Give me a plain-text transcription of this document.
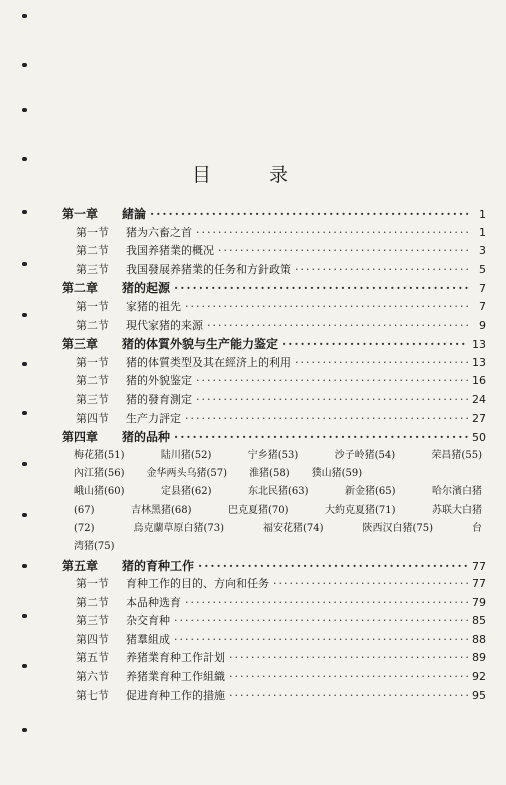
目 录
第一章 緒論 ·····	1
第一节 猪为六畜之首 ·····	1
第二节 我国养猪業的概况 ·····	3
第三节 我国發展养猪業的任务和方針政策 ·····	5
第二章 猪的起源 ·····	7
第一节 家猪的祖先 ·····	7
第二节 現代家猪的来源 ·····	9
第三章 猪的体質外貌与生产能力鉴定 ·····	13
第一节 猪的体質类型及其在經济上的利用 ·····	13
第二节 猪的外貌鉴定 ·····	16
第三节 猪的發育測定 ·····	24
第四节 生产力評定 ·····	27
第四章 猪的品种 ·····	50
梅花猪(51)	陆川猪(52)	宁乡猪(53)	沙子岭猪(54)	荣昌猪(55)
內江猪(56) 金华两头乌猪(57) 淮猪(58) 獛山猪(59)
峨山猪(60)	定县猪(62)	东北民猪(63)	新金猪(65)	哈尔濱白猪
(67)	吉林黑猪(68)	巴克夏猪(70)	大約克夏猪(71)	苏联大白猪
(72)	烏克蘭草原白猪(73)	福安花猪(74)	陝西汉白猪(75)	台
湾猪(75)
第五章 猪的育种工作 ·····	77
第一节 育种工作的目的、方向和任务 ·····	77
第二节 本品种选育 ·····	79
第三节 杂交育种 ·····	85
第四节 猪羣組成 ·····	88
第五节 养猪業育种工作計划 ·····	89
第六节 养猪業育种工作組織 ·····	92
第七节 促进育种工作的措施 ·····	95
